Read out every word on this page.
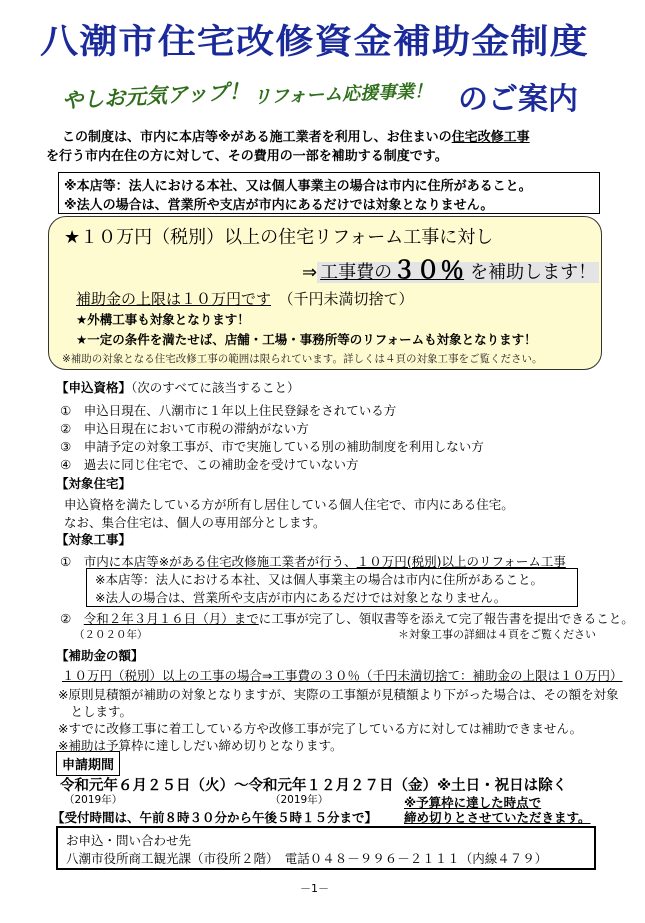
八潮市住宅改修資金補助金制度
やしお元気アップ！ リフォーム応援事業！ のご案内
この制度は、市内に本店等※がある施工業者を利用し、お住まいの住宅改修工事
を行う市内在住の方に対して、その費用の一部を補助する制度です。
※本店等：法人における本社、又は個人事業主の場合は市内に住所があること。
※法人の場合は、営業所や支店が市内にあるだけでは対象となりません。
★１０万円（税別）以上の住宅リフォーム工事に対し
⇒ 工事費の３０％ を補助します！
補助金の上限は１０万円です　 （千円未満切捨て）
★外構工事も対象となります！
★一定の条件を満たせば、店舗・工場・事務所等のリフォームも対象となります！
※補助の対象となる住宅改修工事の範囲は限られています。詳しくは４頁の対象工事をご覧ください。
【申込資格】（次のすべてに該当すること）
①　申込日現在、八潮市に１年以上住民登録をされている方
②　申込日現在において市税の滞納がない方
③　申請予定の対象工事が、市で実施している別の補助制度を利用しない方
④　過去に同じ住宅で、この補助金を受けていない方
【対象住宅】
申込資格を満たしている方が所有し居住している個人住宅で、市内にある住宅。
なお、集合住宅は、個人の専用部分とします。
【対象工事】
①　市内に本店等※がある住宅改修施工業者が行う、１０万円(税別)以上のリフォーム工事
※本店等：法人における本社、又は個人事業主の場合は市内に住所があること。
※法人の場合は、営業所や支店が市内にあるだけでは対象となりません。
②　 令和２年３月１６日（月）までに工事が完了し、領収書等を添えて完了報告書を提出できること。
（２０２０年）	＊対象工事の詳細は４頁をご覧ください
【補助金の額】
１０万円（税別）以上の工事の場合⇒工事費の３０％（千円未満切捨て：補助金の上限は１０万円）
※原則見積額が補助の対象となりますが、実際の工事額が見積額より下がった場合は、その額を対象
　とします。
※すでに改修工事に着工している方や改修工事が完了している方に対しては補助できません。
※補助は予算枠に達ししだい締め切りとなります。
申請期間
令和元年６月２５日（火）～令和元年１２月２７日（金）※土日・祝日は除く
（2019年）	（2019年）	※予算枠に達した時点で
【受付時間は、午前８時３０分から午後５時１５分まで】 締め切りとさせていただきます。
お申込・問い合わせ先
八潮市役所商工観光課（市役所２階）　電話０４８－９９６－２１１１（内線４７９）
－1－
